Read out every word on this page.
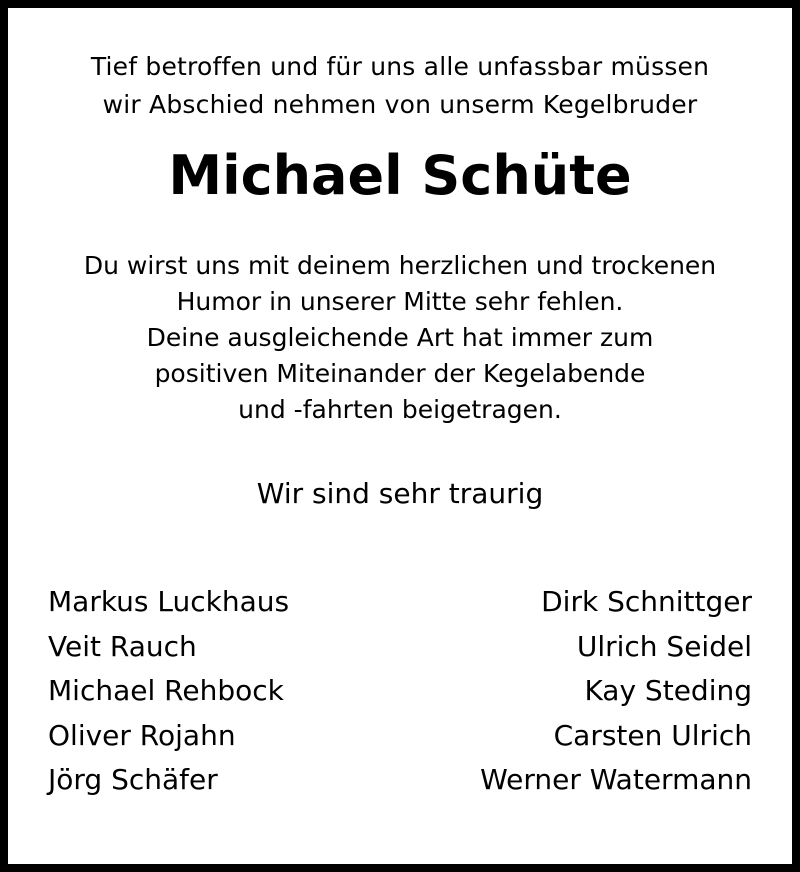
Tief betroffen und für uns alle unfassbar müssen
wir Abschied nehmen von unserm Kegelbruder
Michael Schüte
Du wirst uns mit deinem herzlichen und trockenen
Humor in unserer Mitte sehr fehlen.
Deine ausgleichende Art hat immer zum
positiven Miteinander der Kegelabende
und -fahrten beigetragen.
Wir sind sehr traurig
Markus Luckhaus
Veit Rauch
Michael Rehbock
Oliver Rojahn
Jörg Schäfer
Dirk Schnittger
Ulrich Seidel
Kay Steding
Carsten Ulrich
Werner Watermann
